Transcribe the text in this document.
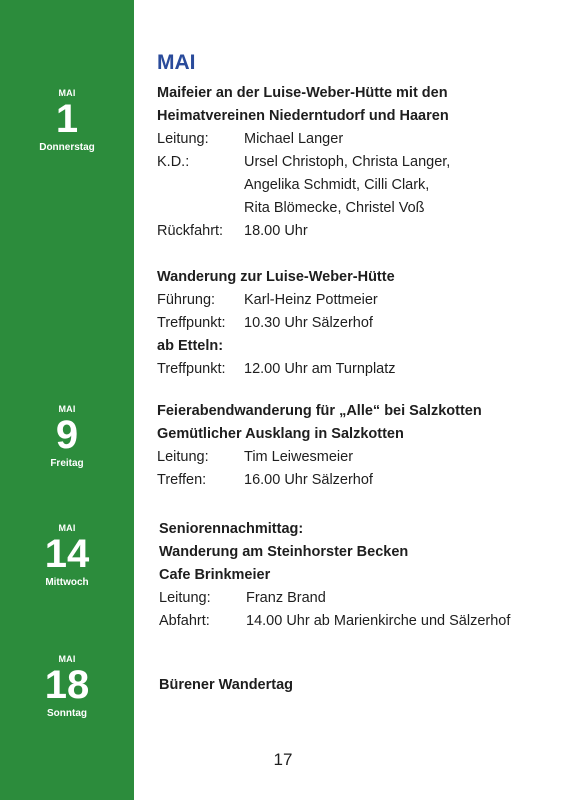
MAI
1
Donnerstag
MAI
9
Freitag
MAI
14
Mittwoch
MAI
18
Sonntag
MAI
Maifeier an der Luise-Weber-Hütte mit den
Heimatvereinen Niederntudorf und Haaren
Leitung: Michael Langer
K.D.:	Ursel Christoph, Christa Langer,
Angelika Schmidt, Cilli Clark,
Rita Blömecke, Christel Voß
Rückfahrt: 18.00 Uhr
Wanderung zur Luise-Weber-Hütte
Führung: Karl-Heinz Pottmeier
Treffpunkt: 10.30 Uhr Sälzerhof
ab Etteln:
Treffpunkt: 12.00 Uhr am Turnplatz
Feierabendwanderung für „Alle“ bei Salzkotten
Gemütlicher Ausklang in Salzkotten
Leitung: Tim Leiwesmeier
Treffen:	16.00 Uhr Sälzerhof
Seniorennachmittag:
Wanderung am Steinhorster Becken
Cafe Brinkmeier
Leitung: Franz Brand
Abfahrt: 14.00 Uhr ab Marienkirche und Sälzerhof
Bürener Wandertag
17
